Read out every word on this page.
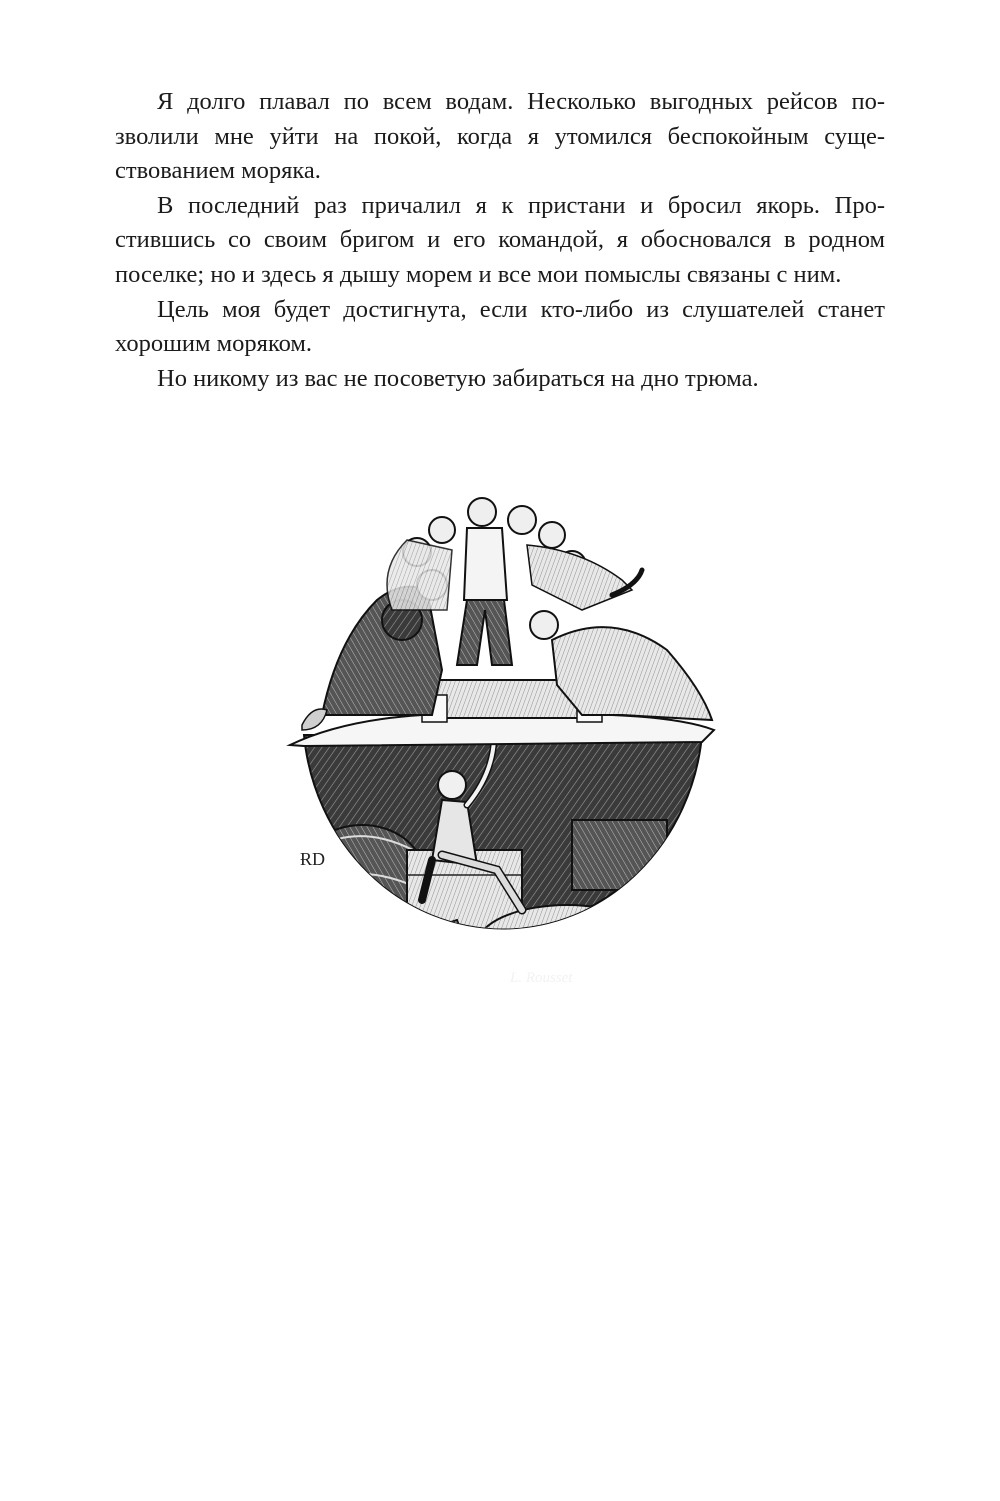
Я долго плавал по всем водам. Несколько выгодных рейсов позволили мне уйти на покой, когда я утомился беспокойным существованием моряка.

В последний раз причалил я к пристани и бросил якорь. Простившись со своим бригом и его командой, я обосновался в родном поселке; но и здесь я дышу морем и все мои помыслы связаны с ним.

Цель моя будет достигнута, если кто-либо из слушателей станет хорошим моряком.

Но никому из вас не посоветую забираться на дно трюма.

ɌD
L. Rousset
